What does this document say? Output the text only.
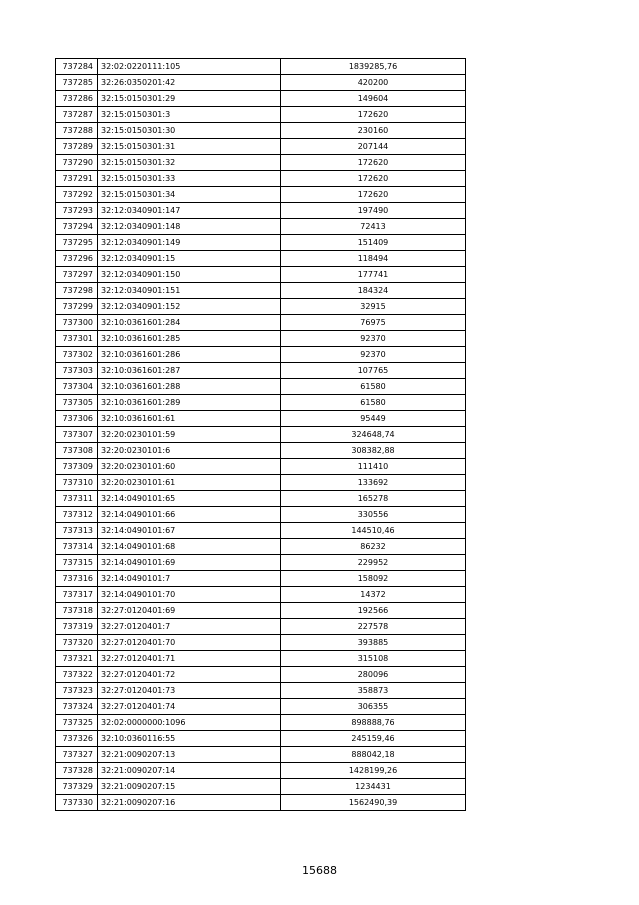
737284	32:02:0220111:105	1839285,76
737285	32:26:0350201:42	420200
737286	32:15:0150301:29	149604
737287	32:15:0150301:3	172620
737288	32:15:0150301:30	230160
737289	32:15:0150301:31	207144
737290	32:15:0150301:32	172620
737291	32:15:0150301:33	172620
737292	32:15:0150301:34	172620
737293	32:12:0340901:147	197490
737294	32:12:0340901:148	72413
737295	32:12:0340901:149	151409
737296	32:12:0340901:15	118494
737297	32:12:0340901:150	177741
737298	32:12:0340901:151	184324
737299	32:12:0340901:152	32915
737300	32:10:0361601:284	76975
737301	32:10:0361601:285	92370
737302	32:10:0361601:286	92370
737303	32:10:0361601:287	107765
737304	32:10:0361601:288	61580
737305	32:10:0361601:289	61580
737306	32:10:0361601:61	95449
737307	32:20:0230101:59	324648,74
737308	32:20:0230101:6	308382,88
737309	32:20:0230101:60	111410
737310	32:20:0230101:61	133692
737311	32:14:0490101:65	165278
737312	32:14:0490101:66	330556
737313	32:14:0490101:67	144510,46
737314	32:14:0490101:68	86232
737315	32:14:0490101:69	229952
737316	32:14:0490101:7	158092
737317	32:14:0490101:70	14372
737318	32:27:0120401:69	192566
737319	32:27:0120401:7	227578
737320	32:27:0120401:70	393885
737321	32:27:0120401:71	315108
737322	32:27:0120401:72	280096
737323	32:27:0120401:73	358873
737324	32:27:0120401:74	306355
737325	32:02:0000000:1096	898888,76
737326	32:10:0360116:55	245159,46
737327	32:21:0090207:13	888042,18
737328	32:21:0090207:14	1428199,26
737329	32:21:0090207:15	1234431
737330	32:21:0090207:16	1562490,39
15688
